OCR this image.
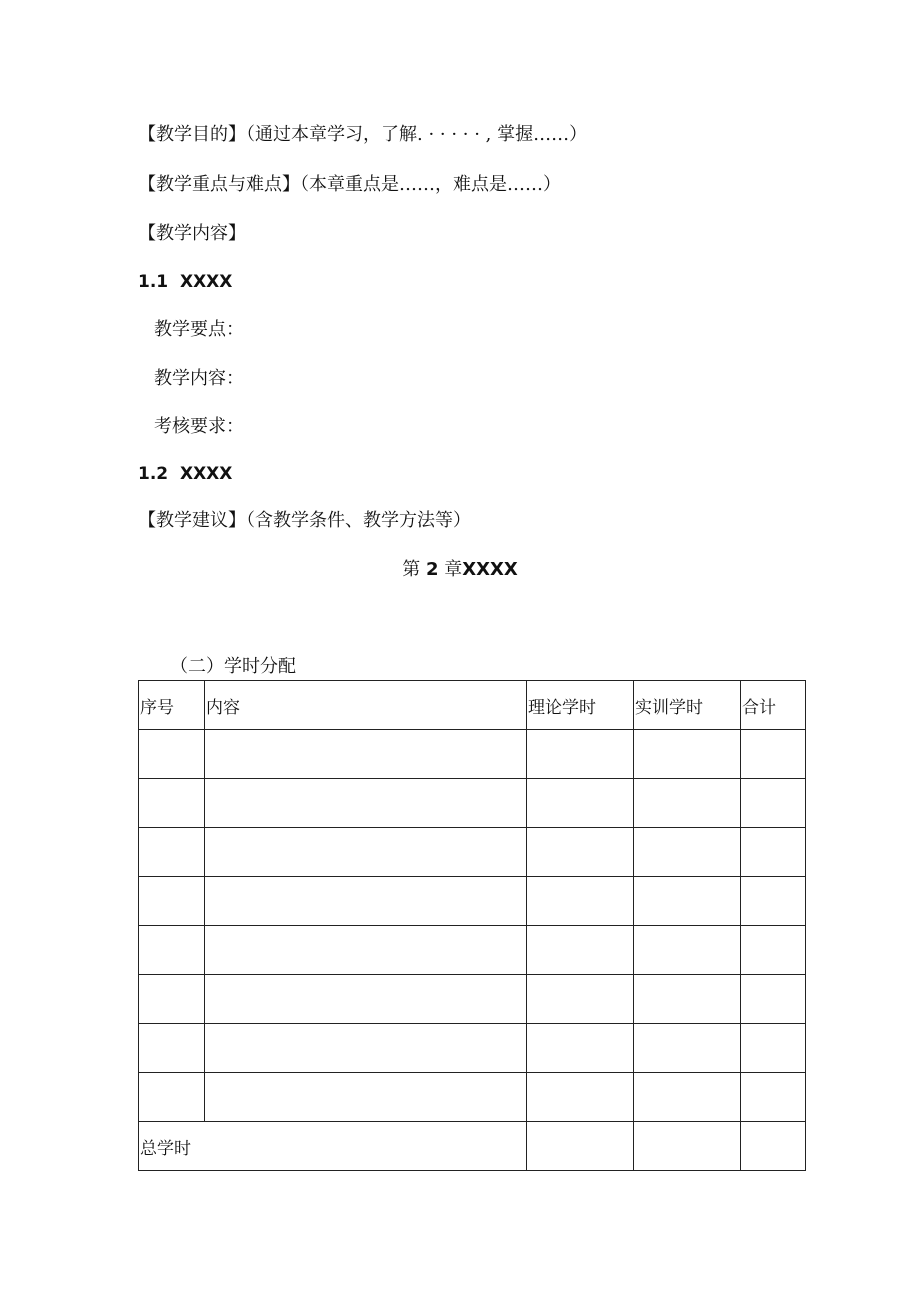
【教学目的】（通过本章学习，了解. · · · · · , 掌握……）
【教学重点与难点】（本章重点是……，难点是……）
【教学内容】
1.1 XXXX
教学要点：
教学内容：
考核要求：
1.2 XXXX
【教学建议】（含教学条件、教学方法等）
第 2 章XXXX
（二）学时分配
序号	内容	理论学时	实训学时	合计

总学时				
